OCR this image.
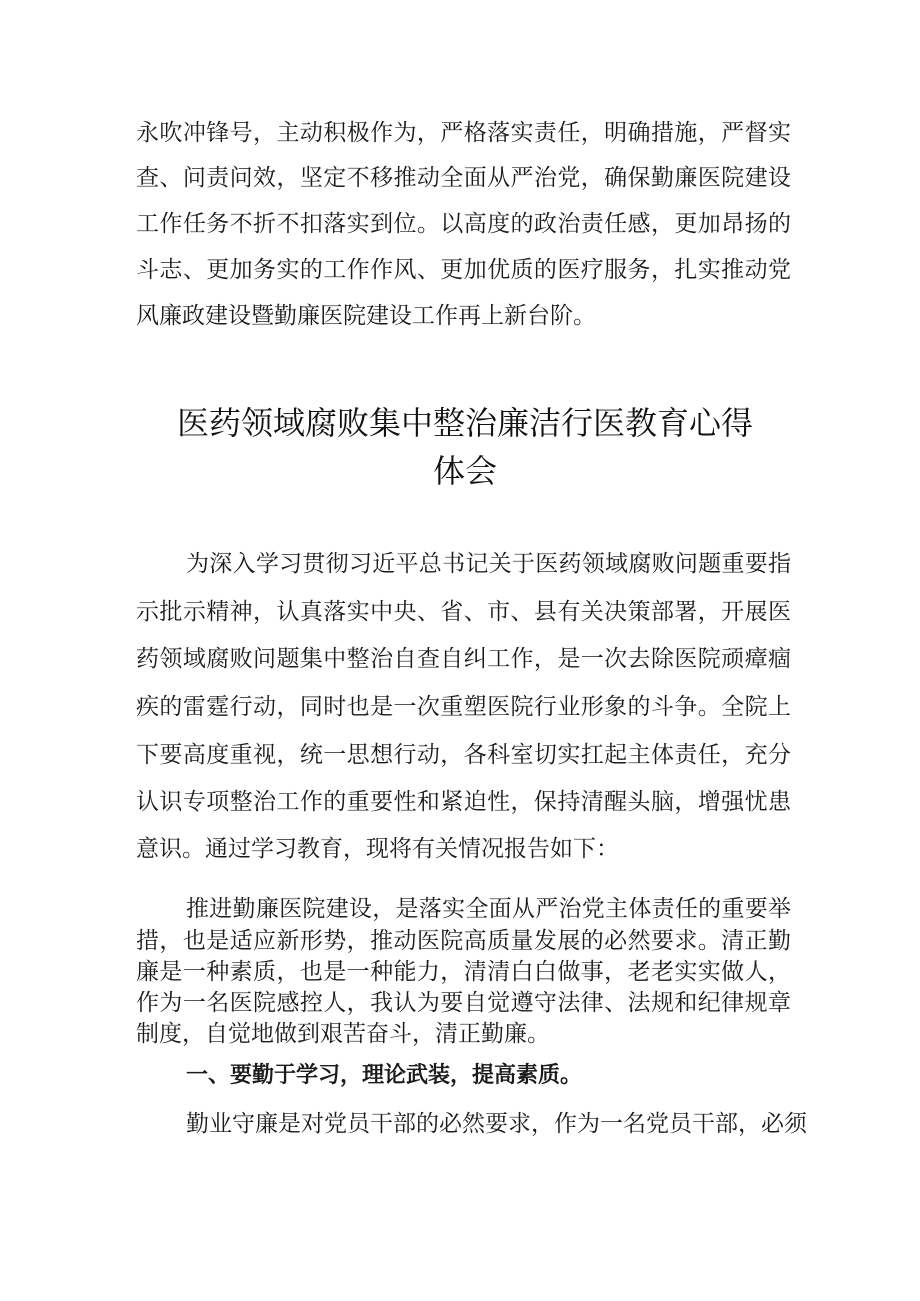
永吹冲锋号，主动积极作为，严格落实责任，明确措施，严督实
查、问责问效，坚定不移推动全面从严治党，确保勤廉医院建设
工作任务不折不扣落实到位。以高度的政治责任感，更加昂扬的
斗志、更加务实的工作作风、更加优质的医疗服务，扎实推动党
风廉政建设暨勤廉医院建设工作再上新台阶。
医药领域腐败集中整治廉洁行医教育心得
体会
为深入学习贯彻习近平总书记关于医药领域腐败问题重要指
示批示精神，认真落实中央、省、市、县有关决策部署，开展医
药领域腐败问题集中整治自查自纠工作，是一次去除医院顽瘴痼
疾的雷霆行动，同时也是一次重塑医院行业形象的斗争。全院上
下要高度重视，统一思想行动，各科室切实扛起主体责任，充分
认识专项整治工作的重要性和紧迫性，保持清醒头脑，增强忧患
意识。通过学习教育，现将有关情况报告如下：
推进勤廉医院建设，是落实全面从严治党主体责任的重要举
措，也是适应新形势，推动医院高质量发展的必然要求。清正勤
廉是一种素质，也是一种能力，清清白白做事，老老实实做人，
作为一名医院感控人，我认为要自觉遵守法律、法规和纪律规章
制度，自觉地做到艰苦奋斗，清正勤廉。
一、要勤于学习，理论武装，提高素质。
勤业守廉是对党员干部的必然要求，作为一名党员干部，必须
